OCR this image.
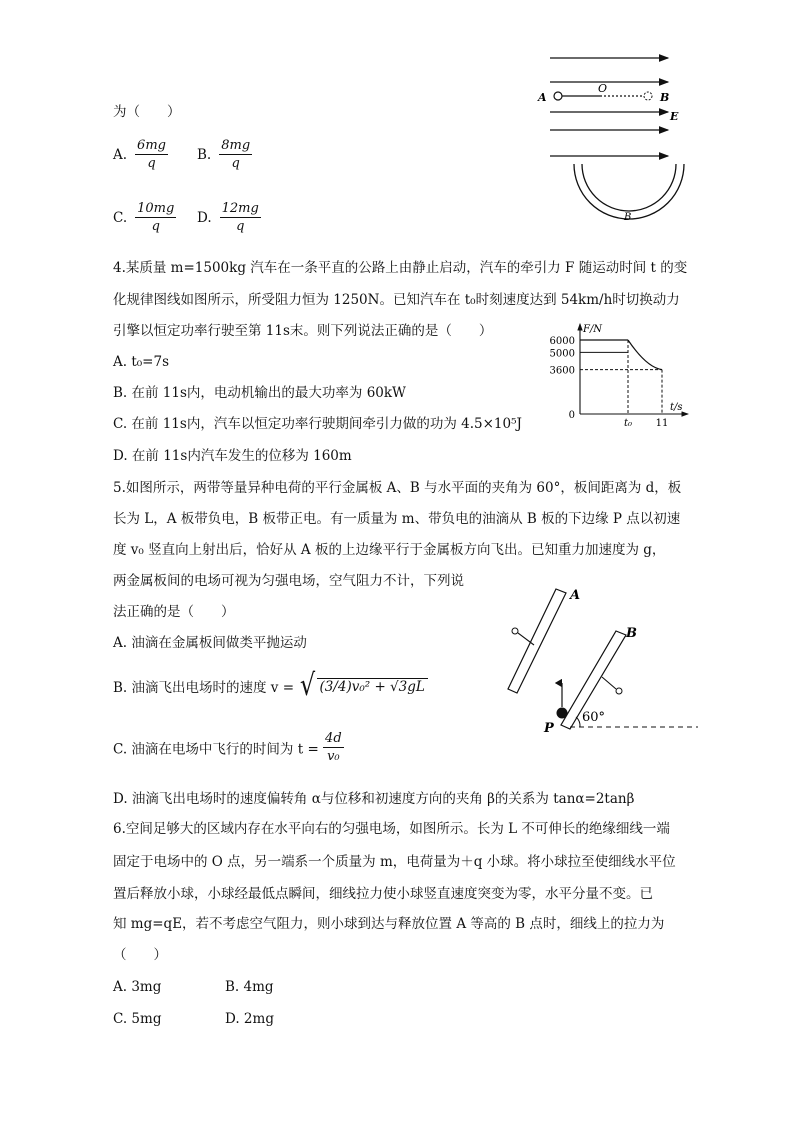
A
O
B
E
B
为（　　）
A. $\frac{6mg}{q} B$. $\frac{8mg}{q}$
C. $\frac{10mg}{q} D$. $\frac{12mg}{q}$
4.某质量 m=1500kg 汽车在一条平直的公路上由静止启动，汽车的牵引力 F 随运动时间 t 的变
化规律图线如图所示，所受阻力恒为 1250N。已知汽车在 t₀时刻速度达到 54km/h时切换动力
引擎以恒定功率行驶至第 11s末。则下列说法正确的是（　　）
A. t₀=7s
B. 在前 11s内，电动机输出的最大功率为 60kW
C. 在前 11s内，汽车以恒定功率行驶期间牵引力做的功为 4.5×10⁵J
D. 在前 11s内汽车发生的位移为 160m
F/N
t/s
6000
5000
3600
0
t₀ 11
5.如图所示，两带等量异种电荷的平行金属板 A、B 与水平面的夹角为 60°，板间距离为 d，板
长为 L，A 板带负电，B 板带正电。有一质量为 m、带负电的油滴从 B 板的下边缘 P 点以初速
度 v₀ 竖直向上射出后，恰好从 A 板的上边缘平行于金属板方向飞出。已知重力加速度为 g，
两金属板间的电场可视为匀强电场，空气阻力不计，下列说
法正确的是（　　）
A. 油滴在金属板间做类平抛运动
B. 油滴飞出电场时的速度 v = √ (3/4)v₀² + √3gL
C. 油滴在电场中飞行的时间为 $t = \frac{4d}{\text{v₀}}$
D. 油滴飞出电场时的速度偏转角 α与位移和初速度方向的夹角 β的关系为 tanα=2tanβ
A
B
P
60°
6.空间足够大的区域内存在水平向右的匀强电场，如图所示。长为 L 不可伸长的绝缘细线一端
固定于电场中的 O 点，另一端系一个质量为 m，电荷量为＋q 小球。将小球拉至使细线水平位
置后释放小球，小球经最低点瞬间，细线拉力使小球竖直速度突变为零，水平分量不变。已
知 mg=qE，若不考虑空气阻力，则小球到达与释放位置 A 等高的 B 点时，细线上的拉力为
（　　）
A. 3mg	B. 4mg
C. 5mg	D. 2mg
